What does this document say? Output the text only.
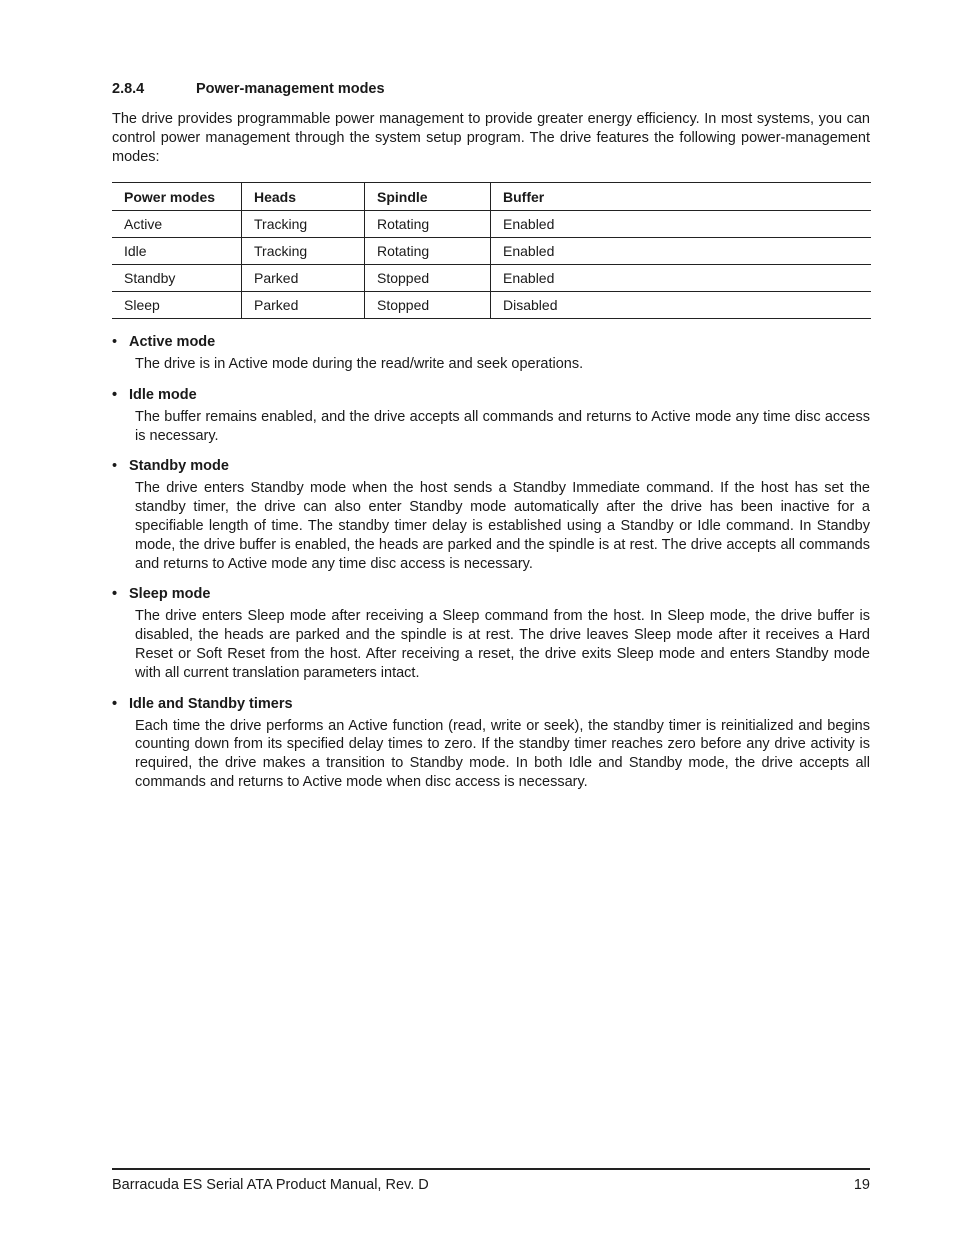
2.8.4	Power-management modes

The drive provides programmable power management to provide greater energy efficiency. In most systems, you can control power management through the system setup program. The drive features the following power-management modes:

Power modes	Heads	Spindle	Buffer
Active	Tracking	Rotating	Enabled
Idle	Tracking	Rotating	Enabled
Standby	Parked	Stopped	Enabled
Sleep	Parked	Stopped	Disabled
• Active mode

The drive is in Active mode during the read/write and seek operations.

• Idle mode

The buffer remains enabled, and the drive accepts all commands and returns to Active mode any time disc access is necessary.

• Standby mode

The drive enters Standby mode when the host sends a Standby Immediate command. If the host has set the standby timer, the drive can also enter Standby mode automatically after the drive has been inactive for a specifiable length of time. The standby timer delay is established using a Standby or Idle command. In Standby mode, the drive buffer is enabled, the heads are parked and the spindle is at rest. The drive accepts all commands and returns to Active mode any time disc access is necessary.

• Sleep mode

The drive enters Sleep mode after receiving a Sleep command from the host. In Sleep mode, the drive buffer is disabled, the heads are parked and the spindle is at rest. The drive leaves Sleep mode after it receives a Hard Reset or Soft Reset from the host. After receiving a reset, the drive exits Sleep mode and enters Standby mode with all current translation parameters intact.

• Idle and Standby timers

Each time the drive performs an Active function (read, write or seek), the standby timer is reinitialized and begins counting down from its specified delay times to zero. If the standby timer reaches zero before any drive activity is required, the drive makes a transition to Standby mode. In both Idle and Standby mode, the drive accepts all commands and returns to Active mode when disc access is necessary.

Barracuda ES Serial ATA Product Manual, Rev. D	19
